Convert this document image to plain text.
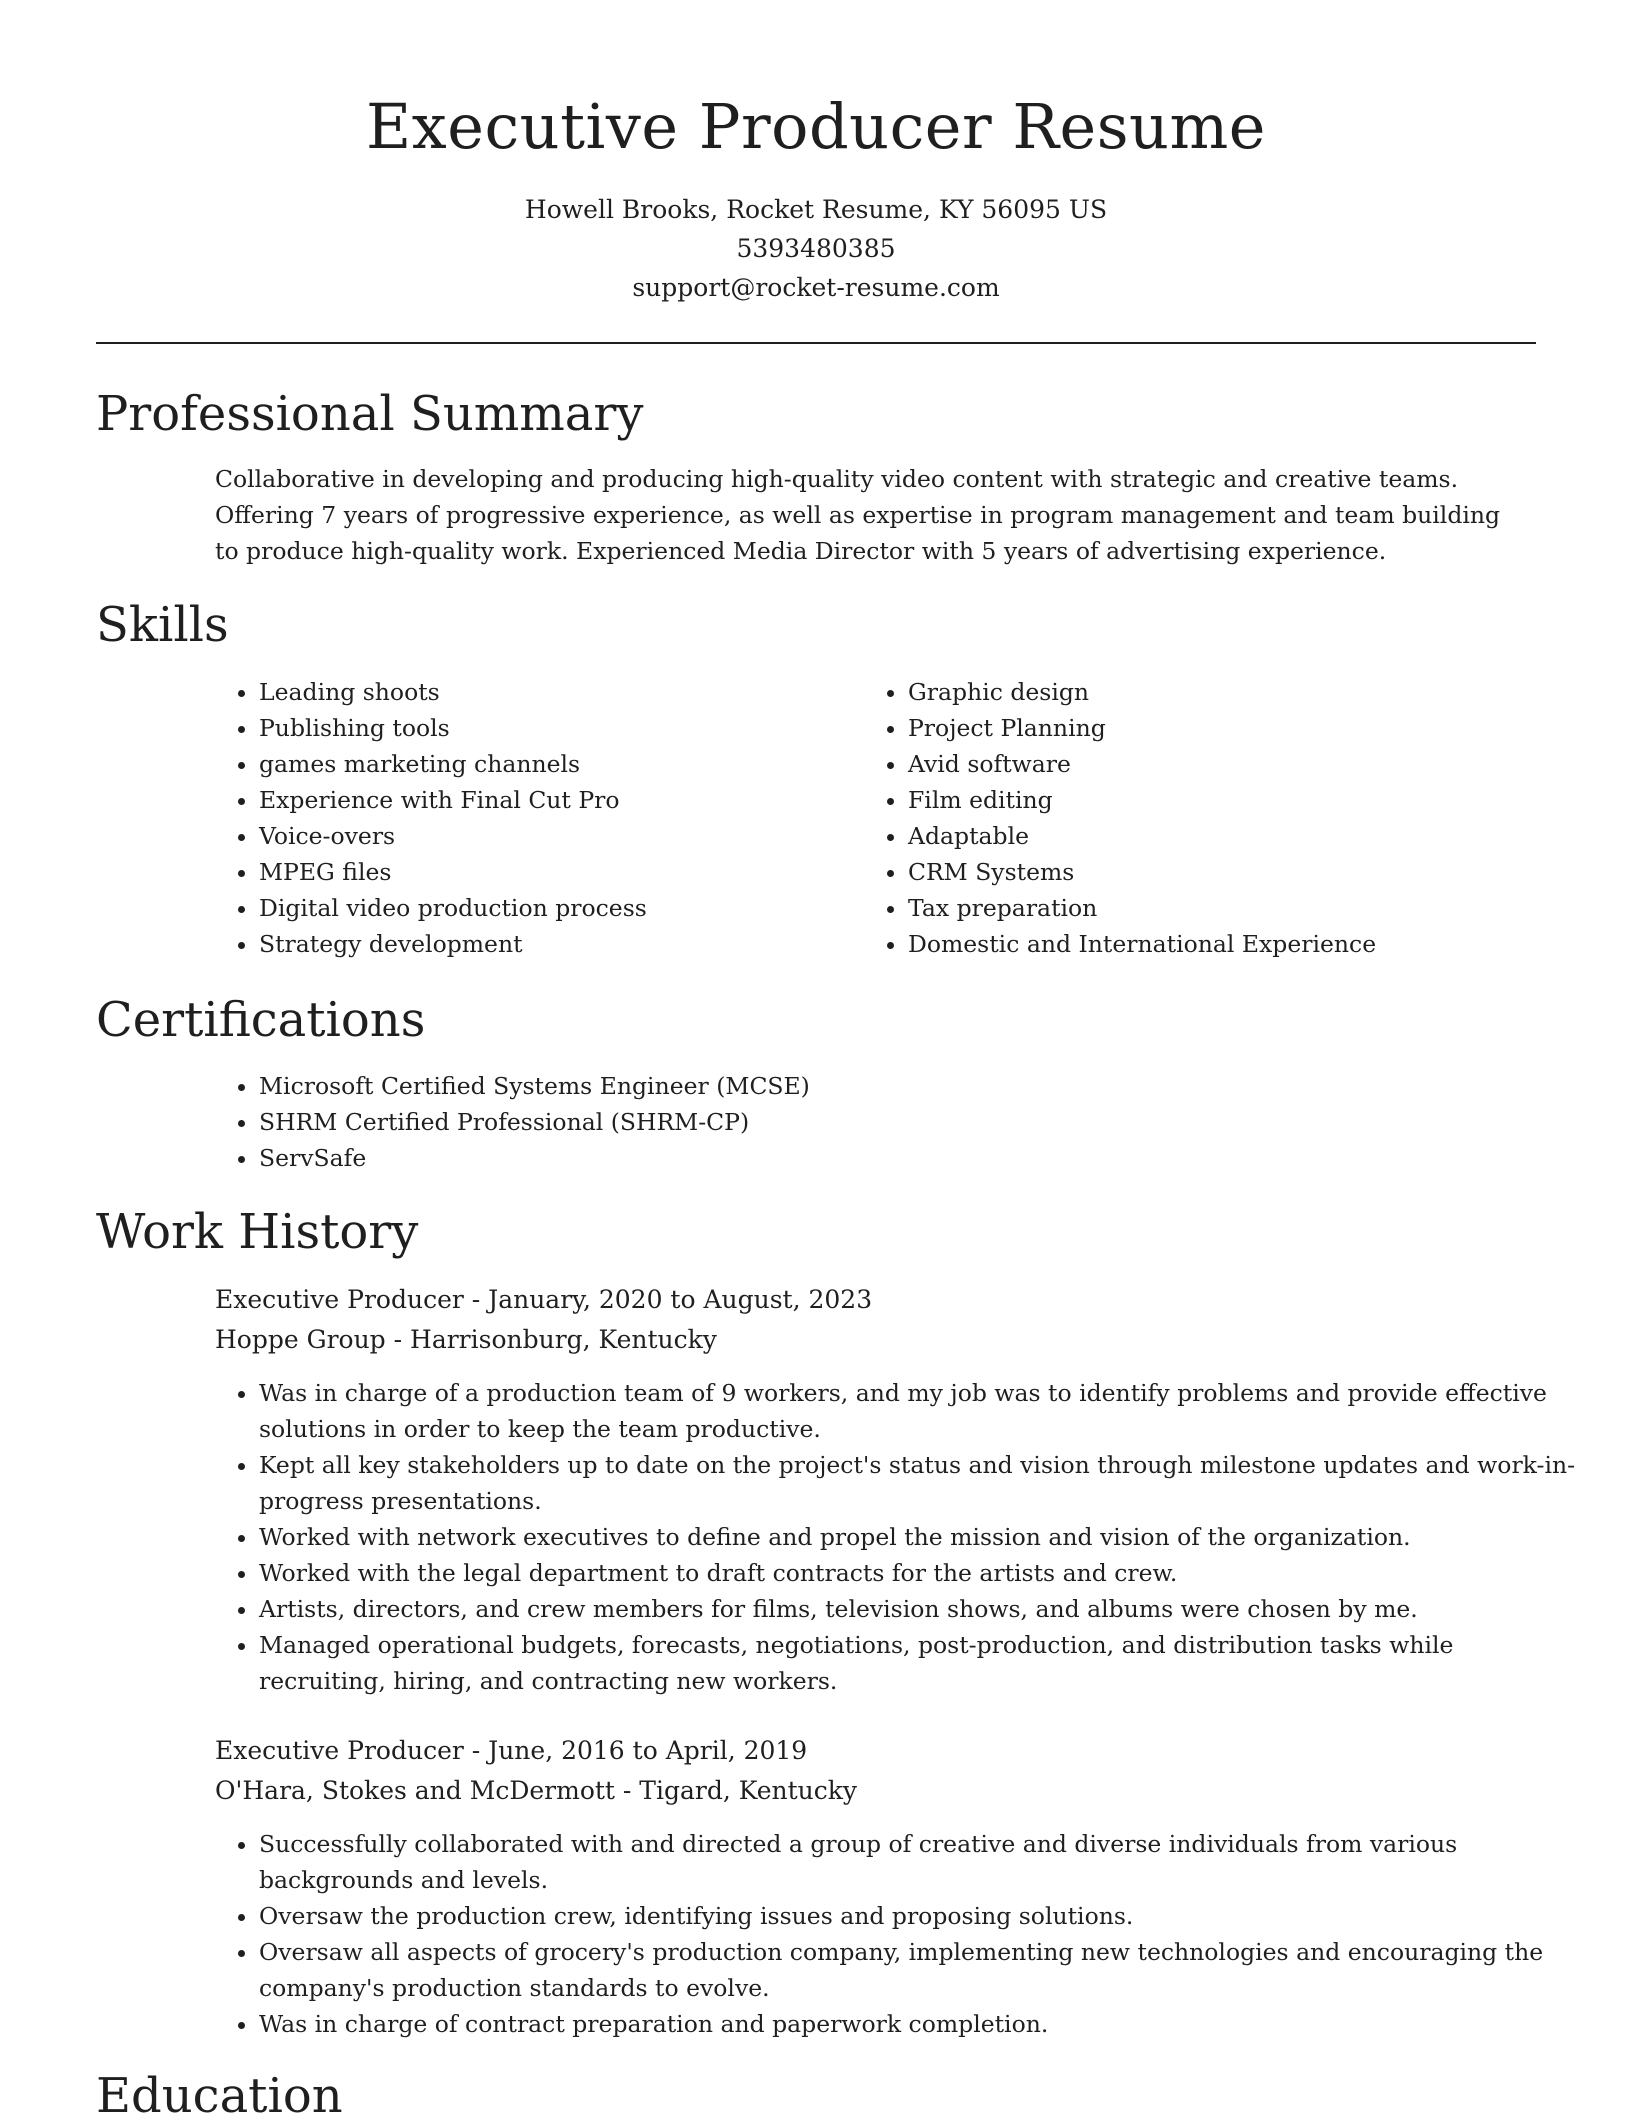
Executive Producer Resume
Howell Brooks, Rocket Resume, KY 56095 US
5393480385
support@rocket-resume.com
Professional Summary
Collaborative in developing and producing high-quality video content with strategic and creative teams. Offering 7 years of progressive experience, as well as expertise in program management and team building to produce high-quality work. Experienced Media Director with 5 years of advertising experience.
Skills
• Leading shoots
• Publishing tools
• games marketing channels
• Experience with Final Cut Pro
• Voice-overs
• MPEG files
• Digital video production process
• Strategy development
• Graphic design
• Project Planning
• Avid software
• Film editing
• Adaptable
• CRM Systems
• Tax preparation
• Domestic and International Experience
Certifications
• Microsoft Certified Systems Engineer (MCSE)
• SHRM Certified Professional (SHRM-CP)
• ServSafe
Work History
Executive Producer - January, 2020 to August, 2023
Hoppe Group - Harrisonburg, Kentucky
• Was in charge of a production team of 9 workers, and my job was to identify problems and provide effective solutions in order to keep the team productive.
• Kept all key stakeholders up to date on the project's status and vision through milestone updates and work-in-progress presentations.
• Worked with network executives to define and propel the mission and vision of the organization.
• Worked with the legal department to draft contracts for the artists and crew.
• Artists, directors, and crew members for films, television shows, and albums were chosen by me.
• Managed operational budgets, forecasts, negotiations, post-production, and distribution tasks while recruiting, hiring, and contracting new workers.
Executive Producer - June, 2016 to April, 2019
O'Hara, Stokes and McDermott - Tigard, Kentucky
• Successfully collaborated with and directed a group of creative and diverse individuals from various backgrounds and levels.
• Oversaw the production crew, identifying issues and proposing solutions.
• Oversaw all aspects of grocery's production company, implementing new technologies and encouraging the company's production standards to evolve.
• Was in charge of contract preparation and paperwork completion.
Education
